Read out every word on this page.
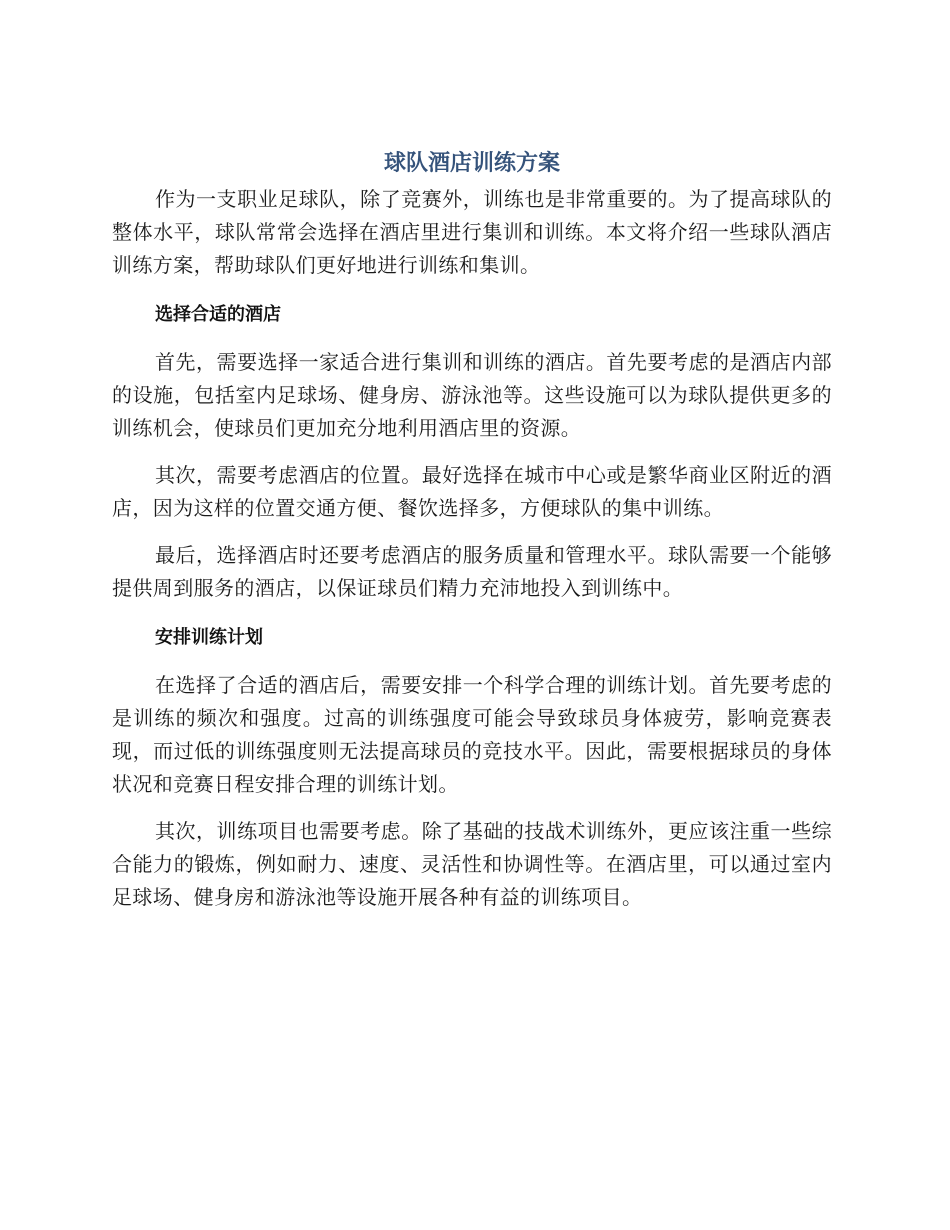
球队酒店训练方案

作为一支职业足球队，除了竞赛外，训练也是非常重要的。为了提高球队的整体水平，球队常常会选择在酒店里进行集训和训练。本文将介绍一些球队酒店训练方案，帮助球队们更好地进行训练和集训。

选择合适的酒店

首先，需要选择一家适合进行集训和训练的酒店。首先要考虑的是酒店内部的设施，包括室内足球场、健身房、游泳池等。这些设施可以为球队提供更多的训练机会，使球员们更加充分地利用酒店里的资源。

其次，需要考虑酒店的位置。最好选择在城市中心或是繁华商业区附近的酒店，因为这样的位置交通方便、餐饮选择多，方便球队的集中训练。

最后，选择酒店时还要考虑酒店的服务质量和管理水平。球队需要一个能够提供周到服务的酒店，以保证球员们精力充沛地投入到训练中。

安排训练计划

在选择了合适的酒店后，需要安排一个科学合理的训练计划。首先要考虑的是训练的频次和强度。过高的训练强度可能会导致球员身体疲劳，影响竞赛表现，而过低的训练强度则无法提高球员的竞技水平。因此，需要根据球员的身体状况和竞赛日程安排合理的训练计划。

其次，训练项目也需要考虑。除了基础的技战术训练外，更应该注重一些综合能力的锻炼，例如耐力、速度、灵活性和协调性等。在酒店里，可以通过室内足球场、健身房和游泳池等设施开展各种有益的训练项目。
